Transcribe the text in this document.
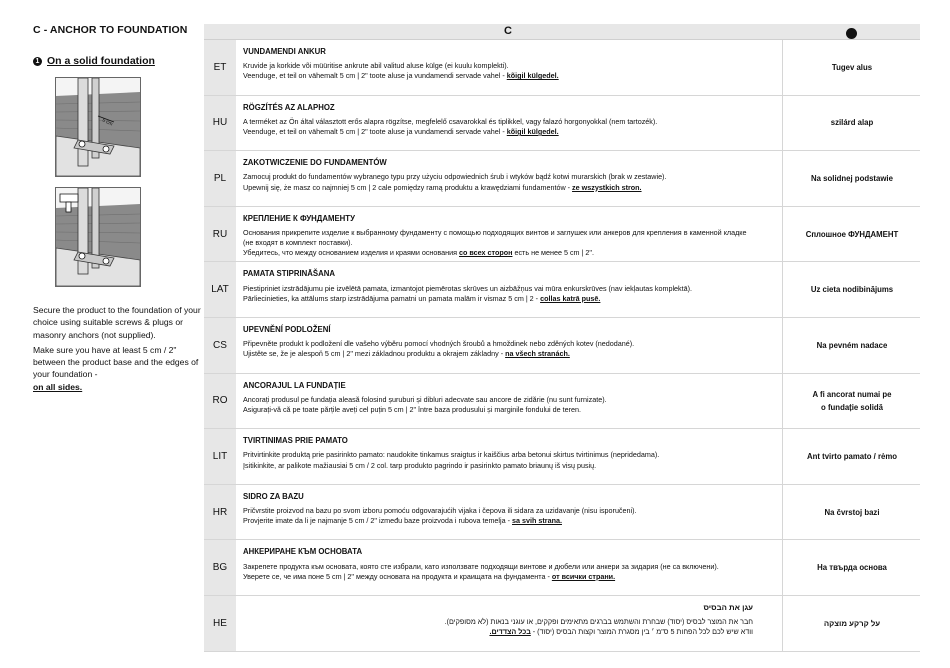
C - ANCHOR TO FOUNDATION
1 On a solid foundation
5 cm

Secure the product to the foundation of your choice using suitable screws & plugs or masonry anchors (not supplied).

Make sure you have at least 5 cm / 2" between the product base and the edges of your foundation -
on all sides.

C
ET
VUNDAMENDI ANKUR
Kruvide ja korkide või müüritise ankrute abil valitud aluse külge (ei kuulu komplekti).
Veenduge, et teil on vähemalt 5 cm | 2" toote aluse ja vundamendi servade vahel - kõigil külgedel.
Tugev alus
HU
RÖGZÍTÉS AZ ALAPHOZ
A terméket az Ön által választott erős alapra rögzítse, megfelelő csavarokkal és tiplikkel, vagy falazó horgonyokkal (nem tartozék).
Veenduge, et teil on vähemalt 5 cm | 2" toote aluse ja vundamendi servade vahel - kõigil külgedel.
szilárd alap
PL
ZAKOTWICZENIE DO FUNDAMENTÓW
Zamocuj produkt do fundamentów wybranego typu przy użyciu odpowiednich śrub i wtyków bądź kotwi murarskich (brak w zestawie).
Upewnij się, że masz co najmniej 5 cm | 2 cale pomiędzy ramą produktu a krawędziami fundamentów - ze wszystkich stron.
Na solidnej podstawie
RU
КРЕПЛЕНИЕ К ФУНДАМЕНТУ
Основания прикрепите изделие к выбранному фундаменту с помощью подходящих винтов и заглушек или анкеров для крепления в каменной кладке
(не входят в комплект поставки).
Убедитесь, что между основанием изделия и краями основания со всех сторон есть не менее 5 cm | 2".
Сплошное ФУНДАМЕНТ
LAT
PAMATA STIPRINĀŠANA
Piestipriniet izstrādājumu pie izvēlētā pamata, izmantojot piemērotas skrūves un aizbāžņus vai mūra enkurskrūves (nav iekļautas komplektā).
Pārliecinieties, ka attālums starp izstrādājuma pamatni un pamata malām ir vismaz 5 cm | 2 - collas katrā pusē.
Uz cieta nodibinājums
CS
UPEVNĚNÍ PODLOŽENÍ
Připevněte produkt k podložení dle vašeho výběru pomocí vhodných šroubů a hmoždinek nebo zděných kotev (nedodané).
Ujistěte se, že je alespoň 5 cm | 2" mezi základnou produktu a okrajem základny - na všech stranách.
Na pevném nadace
RO
ANCORAJUL LA FUNDAȚIE
Ancorați produsul pe fundația aleasă folosind șuruburi și dibluri adecvate sau ancore de zidărie (nu sunt furnizate).
Asigurați-vă că pe toate părțile aveți cel puțin 5 cm | 2" între baza produsului și marginile fondului de teren.
A fi ancorat numai pe
o fundație solidă
LIT
TVIRTINIMAS PRIE PAMATO
Pritvirtinkite produktą prie pasirinkto pamato: naudokite tinkamus sraigtus ir kaiščius arba betonui skirtus tvirtinimus (nepridedama).
Įsitikinkite, ar palikote mažiausiai 5 cm / 2 col. tarp produkto pagrindo ir pasirinkto pamato briaunų iš visų pusių.
Ant tvirto pamato / rėmo
HR
SIDRO ZA BAZU
Pričvrstite proizvod na bazu po svom izboru pomoću odgovarajućih vijaka i čepova ili sidara za uzidavanje (nisu isporučeni).
Provjerite imate da li je najmanje 5 cm / 2" između baze proizvoda i rubova temelja - sa svih strana.
Na čvrstoj bazi
BG
АНКЕРИРАНЕ КЪМ ОСНОВАТА
Закрепете продукта към основата, която сте избрали, като използвате подходящи винтове и дюбели или анкери за зидария (не са включени).
Уверете се, че има поне 5 cm | 2" между основата на продукта и краищата на фундамента - от всички страни.
На твърда основа
HE
עגן את הבסיס
חבר את המוצר לבסיס (יסוד) שבחרת והשתמש בברגים מתאימים ופקקים, או עוגני בנאות (לא מסופקים).
וודא שיש לכם לכל הפחות 5 ס"מ ׳ בין מסגרת המוצר וקצות הבסיס (יסוד) - בכל הצדדים.
על קרקע מוצקה
